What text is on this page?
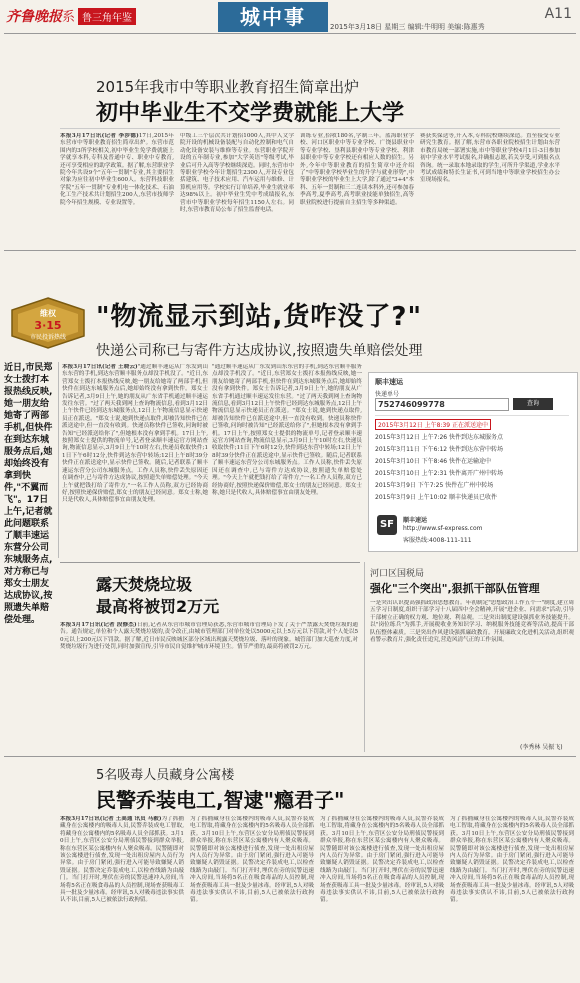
齐鲁晚报系 鲁三角年鉴	城中事	A11
2015年3月18日 星期三 编辑:牛明明 美编:陈惠秀
2015年我市中等职业教育招生简章出炉
初中毕业生不交学费就能上大学
本报3月17日讯(记者 李涉德)17日,2015年东营市中等职业教育招生简章出炉。东营市范围内的3所学校相关,初中毕业生免学费就能上学就享本科,专科及普通中专、职业中专教育,还可享受相应的助学政策。据了解,东营职业学院今年共设9个"五年一贯制"专业,其主要招生对象为应往初中毕业生600人。东营科技职业学院"五年一贯制"专业机电一体化技术、石油化工生产技术共计划招生200人,东营市技师学院今年招生规模、专业设置等。
中级工三个层次共计划招1000人,其中人文学院开设的机械设备装配与自动化控制和电气自动化设备安装与维修等专业。东营职业学院开设的五年制专业,参加"大学英语"等级考试,毕业后可升入高等学校继续深造。同时,东营市中等职业学校今年计划招生2300人,开设专业包括建筑、电子技术应用、汽车运用与维修、计算机应用等。学校实行订单培养,毕业生就业率达98%以上。初中毕业生凭中考成绩报名,东营市中等职业学校每年招生1150人左右。同时,东营市教育局公布了招生监督电话。
训练专业,招收180名,学制三年。蓝海职业学校、河口区职业中等专业学校、广饶县职业中等专业学校、垦利县职业中等专业学校、利津县职业中等专业学校还有相应人数的招生。另外,今年中等职业教育的招生简章中还介绍了"中等职业学校毕业生的升学与就业形势",中等职业学校的毕业生上大学,除了通过"3+4"本科、五年一贯制和三二连读本科外,还可参加春季高考,夏季高考,高考职业技能单独招生,高等职业院校进行提前自主招生等多种渠道。
赛获奖保送等,升入本,专科院校继续深造。直至接受专业研究生教育。据了解,东营市各职业院校招生计划由东营市教育局统一部署实施,市中等职业学校4月1日-3日参加初中学业水平考试报名,并确报志愿,若关享受,可到报名点咨询。统一录取本地录取的学生,可所升学渠道,学业水平考试成绩和特长生证书,可到当地中等职业学校招生办公室现场报名。
维权
3·15
市民投诉热线
"物流显示到站,货咋没了?"
快递公司称已与寄件方达成协议,按照遗失单赔偿处理
近日,市民郑女士拨打本报热线反映,她一朋友给她寄了两部手机,但快件在到达东城服务点后,她却始终没有拿到快件,"不翼而飞"。17日上午,记者就此问题联系了顺丰速运东营分公司东城服务点,对方称已与郑女士朋友达成协议,按照遗失单赔偿处理。
本报3月17日讯(记者 王晓云)"通过顺丰速运从广东发到山东东营的手机,到达东营顺丰服务点却没手机没了。"近日,东营郑女士拨打本报热线反映,她一朋友给她寄了两部手机,但快件在到达东城服务点后,她却始终没有拿到快件。郑女士告诉记者,3月9日上午,她的朋友从广东省手机通过顺丰速运发往东营。"过了两天我到网上查询物流信息,看到3月12日上午快件已经到达东城服务点,12日上午物流信息显示快递员正在派送。"郑女士说,她到快递点取件,却被告知快件已在派送途中,但一直没有收到。快递员称快件已签收,问询时被告知"已经派送给你了",但她根本没有拿到手机。17日上午,按照郑女士提供的物流单号,记者登录顺丰速运官方网站查询,物流信息显示,3月9日上午10时左右,快递员收取快件;11日下午6时12分,快件到达东营中转场;12日上午8时39分快件正在派送途中,显示快件已签收。随后,记者联系了顺丰速运东营分公司东城服务点。工作人员称,快件丢失原因还在调查中,已与寄件方达成协议,按照遗失单赔偿处理。"今天上午就把钱打给了寄件方,"一名工作人员称,双方已经协商好,按照快递保价赔偿,郑女士的朋友已经同意。郑女士称,她只是代收人,具体赔偿事宜由朋友处理。
"通过顺丰速运从广东发到山东东营的手机,到达东营顺丰服务点却没手机没了。"近日,东营郑女士拨打本报热线反映,她一朋友给她寄了两部手机,但快件在到达东城服务点后,她却始终没有拿到快件。郑女士告诉记者,3月9日上午,她的朋友从广东省手机通过顺丰速运发往东营。"过了两天我到网上查询物流信息,看到3月12日上午快件已经到达东城服务点,12日上午物流信息显示快递员正在派送。"郑女士说,她到快递点取件,却被告知快件已在派送途中,但一直没有收到。快递员称快件已签收,问询时被告知"已经派送给你了",但她根本没有拿到手机。17日上午,按照郑女士提供的物流单号,记者登录顺丰速运官方网站查询,物流信息显示,3月9日上午10时左右,快递员收取快件;11日下午6时12分,快件到达东营中转场;12日上午8时39分快件正在派送途中,显示快件已签收。随后,记者联系了顺丰速运东营分公司东城服务点。工作人员称,快件丢失原因还在调查中,已与寄件方达成协议,按照遗失单赔偿处理。"今天上午就把钱打给了寄件方,"一名工作人员称,双方已经协商好,按照快递保价赔偿,郑女士的朋友已经同意。郑女士称,她只是代收人,具体赔偿事宜由朋友处理。
顺丰速运
快递单号
752746099778	查询
2015年3月12日 上午8:39 正在派送途中
2015年3月12日 上午7:26 快件到达东城服务点
2015年3月11日 下午6:12 快件到达东营中转场
2015年3月10日 下午8:46 快件在运输途中
2015年3月10日 上午2:31 快件离开广州中转场
2015年3月9日 下午7:25 快件在广州中转场
2015年3月9日 上午10:02 顺丰快递员已收件
SF	顺丰速运
http://www.sf-express.com
客服热线:4008-111-111
露天焚烧垃圾
最高将被罚2万元
本报3月17日讯(记者 段修杰)日前,记者从东营市城市管理局获悉,东营市城市管理局下发了关于严禁露天焚烧垃圾的通告。通告规定,单位和个人露天焚烧垃圾的,责令改正,由城市管理部门对单位处以5000元以上5万元以下罚款,对个人处以50元以上200元以下罚款。据了解,近日市民反映城区部分区域出现露天焚烧垃圾、落叶的现象。城管部门加大巡查力度,对焚烧垃圾行为进行处罚,同时加强宣传,引导市民自觉维护城市环境卫生。情节严重的,最高将被罚2万元。
河口区国税局
强化"三个突出",狠抓干部队伍管理
一是突出认识提高强抓政治思想教育。年初制定"思想政治工作五个一"制度,建立周五学习日制度,组织干部学习十八届四中全会精神,开展"进企业、问需求"活动,引导干部树立正确的权力观、地位观、利益观。二是突出制度建设强抓业务技能提升。以"岗位练兵"为抓手,开展税收业务知识学习、纳税服务技能竞赛等活动,提高干部队伍整体素质。三是突出作风建设强抓廉政教育。开展廉政文化进机关活动,组织观看警示教育片,强化责任追究,营造风清气正的工作氛围。
(李秀林 吴振飞)
5名吸毒人员藏身公寓楼
民警乔装电工,智逮"瘾君子"
本报3月17日讯(记者 王高通 讯员 马毅)为了抓捕藏身在公寓楼内的吸毒人员,民警乔装成电工智取,将藏身在公寓楼内的5名吸毒人员全部抓获。3月10日上午,东营区公安分局刑侦民警接到群众举报,称在东营区某公寓楼内有人聚众吸毒。民警随即对该公寓楼进行侦查,发现一处出租房屋内人员行为异常。由于房门紧闭,强行进入可能导致嫌疑人销毁证据。民警决定乔装成电工,以检查线路为由敲门。当门打开时,埋伏在旁的民警迅速冲入房间,当场将5名正在吸食毒品的人员控制,现场查获吸毒工具一批及少量冰毒。经审讯,5人对吸毒违法事实供认不讳,目前,5人已被依法行政拘留。
为了抓捕藏身在公寓楼内的吸毒人员,民警乔装成电工智取,将藏身在公寓楼内的5名吸毒人员全部抓获。3月10日上午,东营区公安分局刑侦民警接到群众举报,称在东营区某公寓楼内有人聚众吸毒。民警随即对该公寓楼进行侦查,发现一处出租房屋内人员行为异常。由于房门紧闭,强行进入可能导致嫌疑人销毁证据。民警决定乔装成电工,以检查线路为由敲门。当门打开时,埋伏在旁的民警迅速冲入房间,当场将5名正在吸食毒品的人员控制,现场查获吸毒工具一批及少量冰毒。经审讯,5人对吸毒违法事实供认不讳,目前,5人已被依法行政拘留。
为了抓捕藏身在公寓楼内的吸毒人员,民警乔装成电工智取,将藏身在公寓楼内的5名吸毒人员全部抓获。3月10日上午,东营区公安分局刑侦民警接到群众举报,称在东营区某公寓楼内有人聚众吸毒。民警随即对该公寓楼进行侦查,发现一处出租房屋内人员行为异常。由于房门紧闭,强行进入可能导致嫌疑人销毁证据。民警决定乔装成电工,以检查线路为由敲门。当门打开时,埋伏在旁的民警迅速冲入房间,当场将5名正在吸食毒品的人员控制,现场查获吸毒工具一批及少量冰毒。经审讯,5人对吸毒违法事实供认不讳,目前,5人已被依法行政拘留。
为了抓捕藏身在公寓楼内的吸毒人员,民警乔装成电工智取,将藏身在公寓楼内的5名吸毒人员全部抓获。3月10日上午,东营区公安分局刑侦民警接到群众举报,称在东营区某公寓楼内有人聚众吸毒。民警随即对该公寓楼进行侦查,发现一处出租房屋内人员行为异常。由于房门紧闭,强行进入可能导致嫌疑人销毁证据。民警决定乔装成电工,以检查线路为由敲门。当门打开时,埋伏在旁的民警迅速冲入房间,当场将5名正在吸食毒品的人员控制,现场查获吸毒工具一批及少量冰毒。经审讯,5人对吸毒违法事实供认不讳,目前,5人已被依法行政拘留。
